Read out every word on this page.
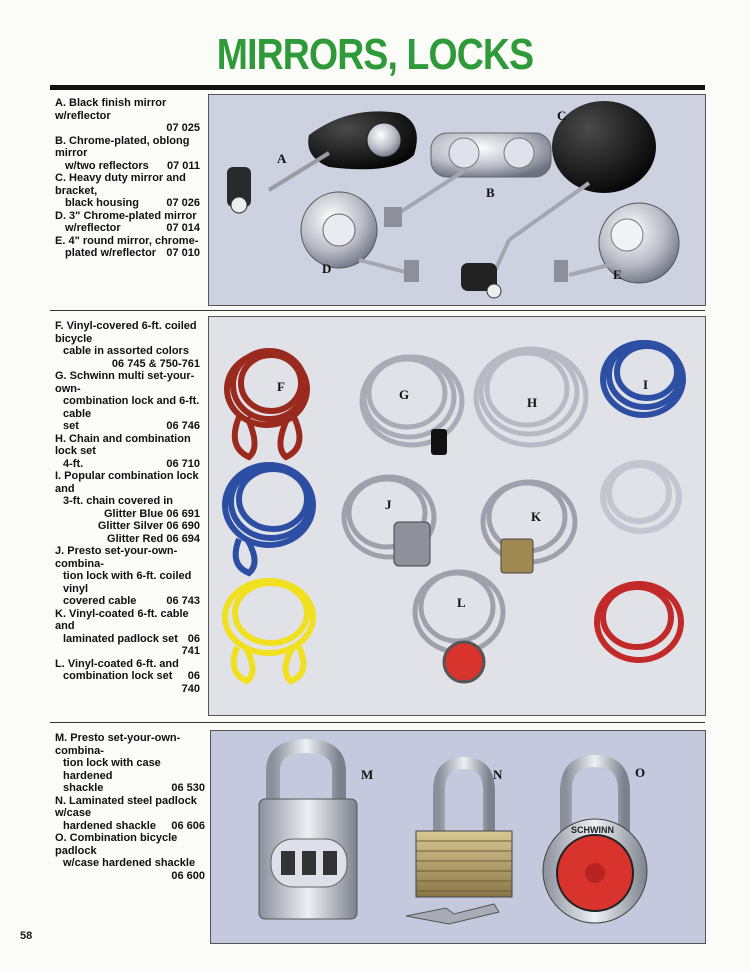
MIRRORS, LOCKS
A. Black finish mirror w/reflector
07 025
B. Chrome-plated, oblong mirror
w/two reflectors 07 011
C. Heavy duty mirror and bracket,
black housing 07 026
D. 3" Chrome-plated mirror
w/reflector	07 014
E. 4" round mirror, chrome-
plated w/reflector 07 010
A
B
C
D	E
F. Vinyl-covered 6-ft. coiled bicycle
cable in assorted colors
06 745 & 750-761
G. Schwinn multi set-your-own-
combination lock and 6-ft. cable
set	06 746
H. Chain and combination lock set
4-ft.	06 710
I. Popular combination lock and
3-ft. chain covered in
Glitter Blue 06 691
Glitter Silver 06 690
Glitter Red 06 694
J. Presto set-your-own-combina-
tion lock with 6-ft. coiled vinyl
covered cable	06 743
K. Vinyl-coated 6-ft. cable and
laminated padlock set 06 741
L. Vinyl-coated 6-ft. and
combination lock set 06 740
F
G
H
I
J
K
L
M. Presto set-your-own-combina-
tion lock with case hardened
shackle	06 530
N. Laminated steel padlock w/case
hardened shackle 06 606
O. Combination bicycle padlock
w/case hardened shackle
06 600
M	N	O
SCHWINN
58
